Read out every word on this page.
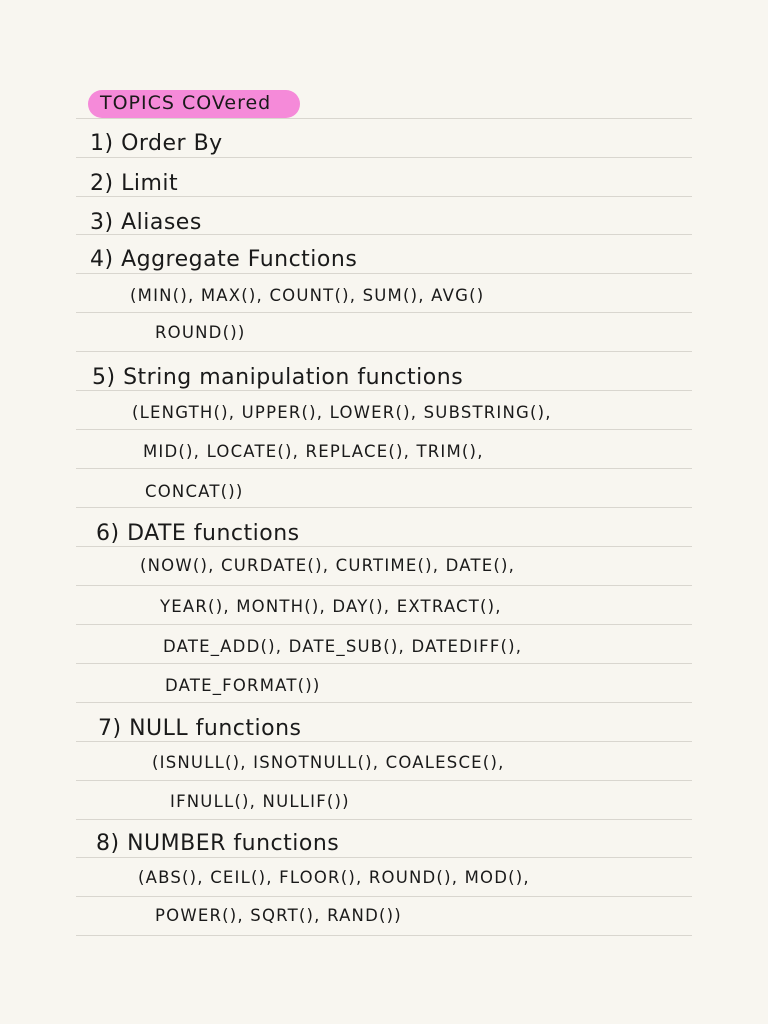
TOPICS COVered
1) Order By
2) Limit
3) Aliases
4) Aggregate Functions
(MIN(), MAX(), COUNT(), SUM(), AVG()
ROUND())
5) String manipulation functions
(LENGTH(), UPPER(), LOWER(), SUBSTRING(),
MID(), LOCATE(), REPLACE(), TRIM(),
CONCAT())
6) DATE functions
(NOW(), CURDATE(), CURTIME(), DATE(),
YEAR(), MONTH(), DAY(), EXTRACT(),
DATE_ADD(), DATE_SUB(), DATEDIFF(),
DATE_FORMAT())
7) NULL functions
(ISNULL(), ISNOTNULL(), COALESCE(),
IFNULL(), NULLIF())
8) NUMBER functions
(ABS(), CEIL(), FLOOR(), ROUND(), MOD(),
POWER(), SQRT(), RAND())
